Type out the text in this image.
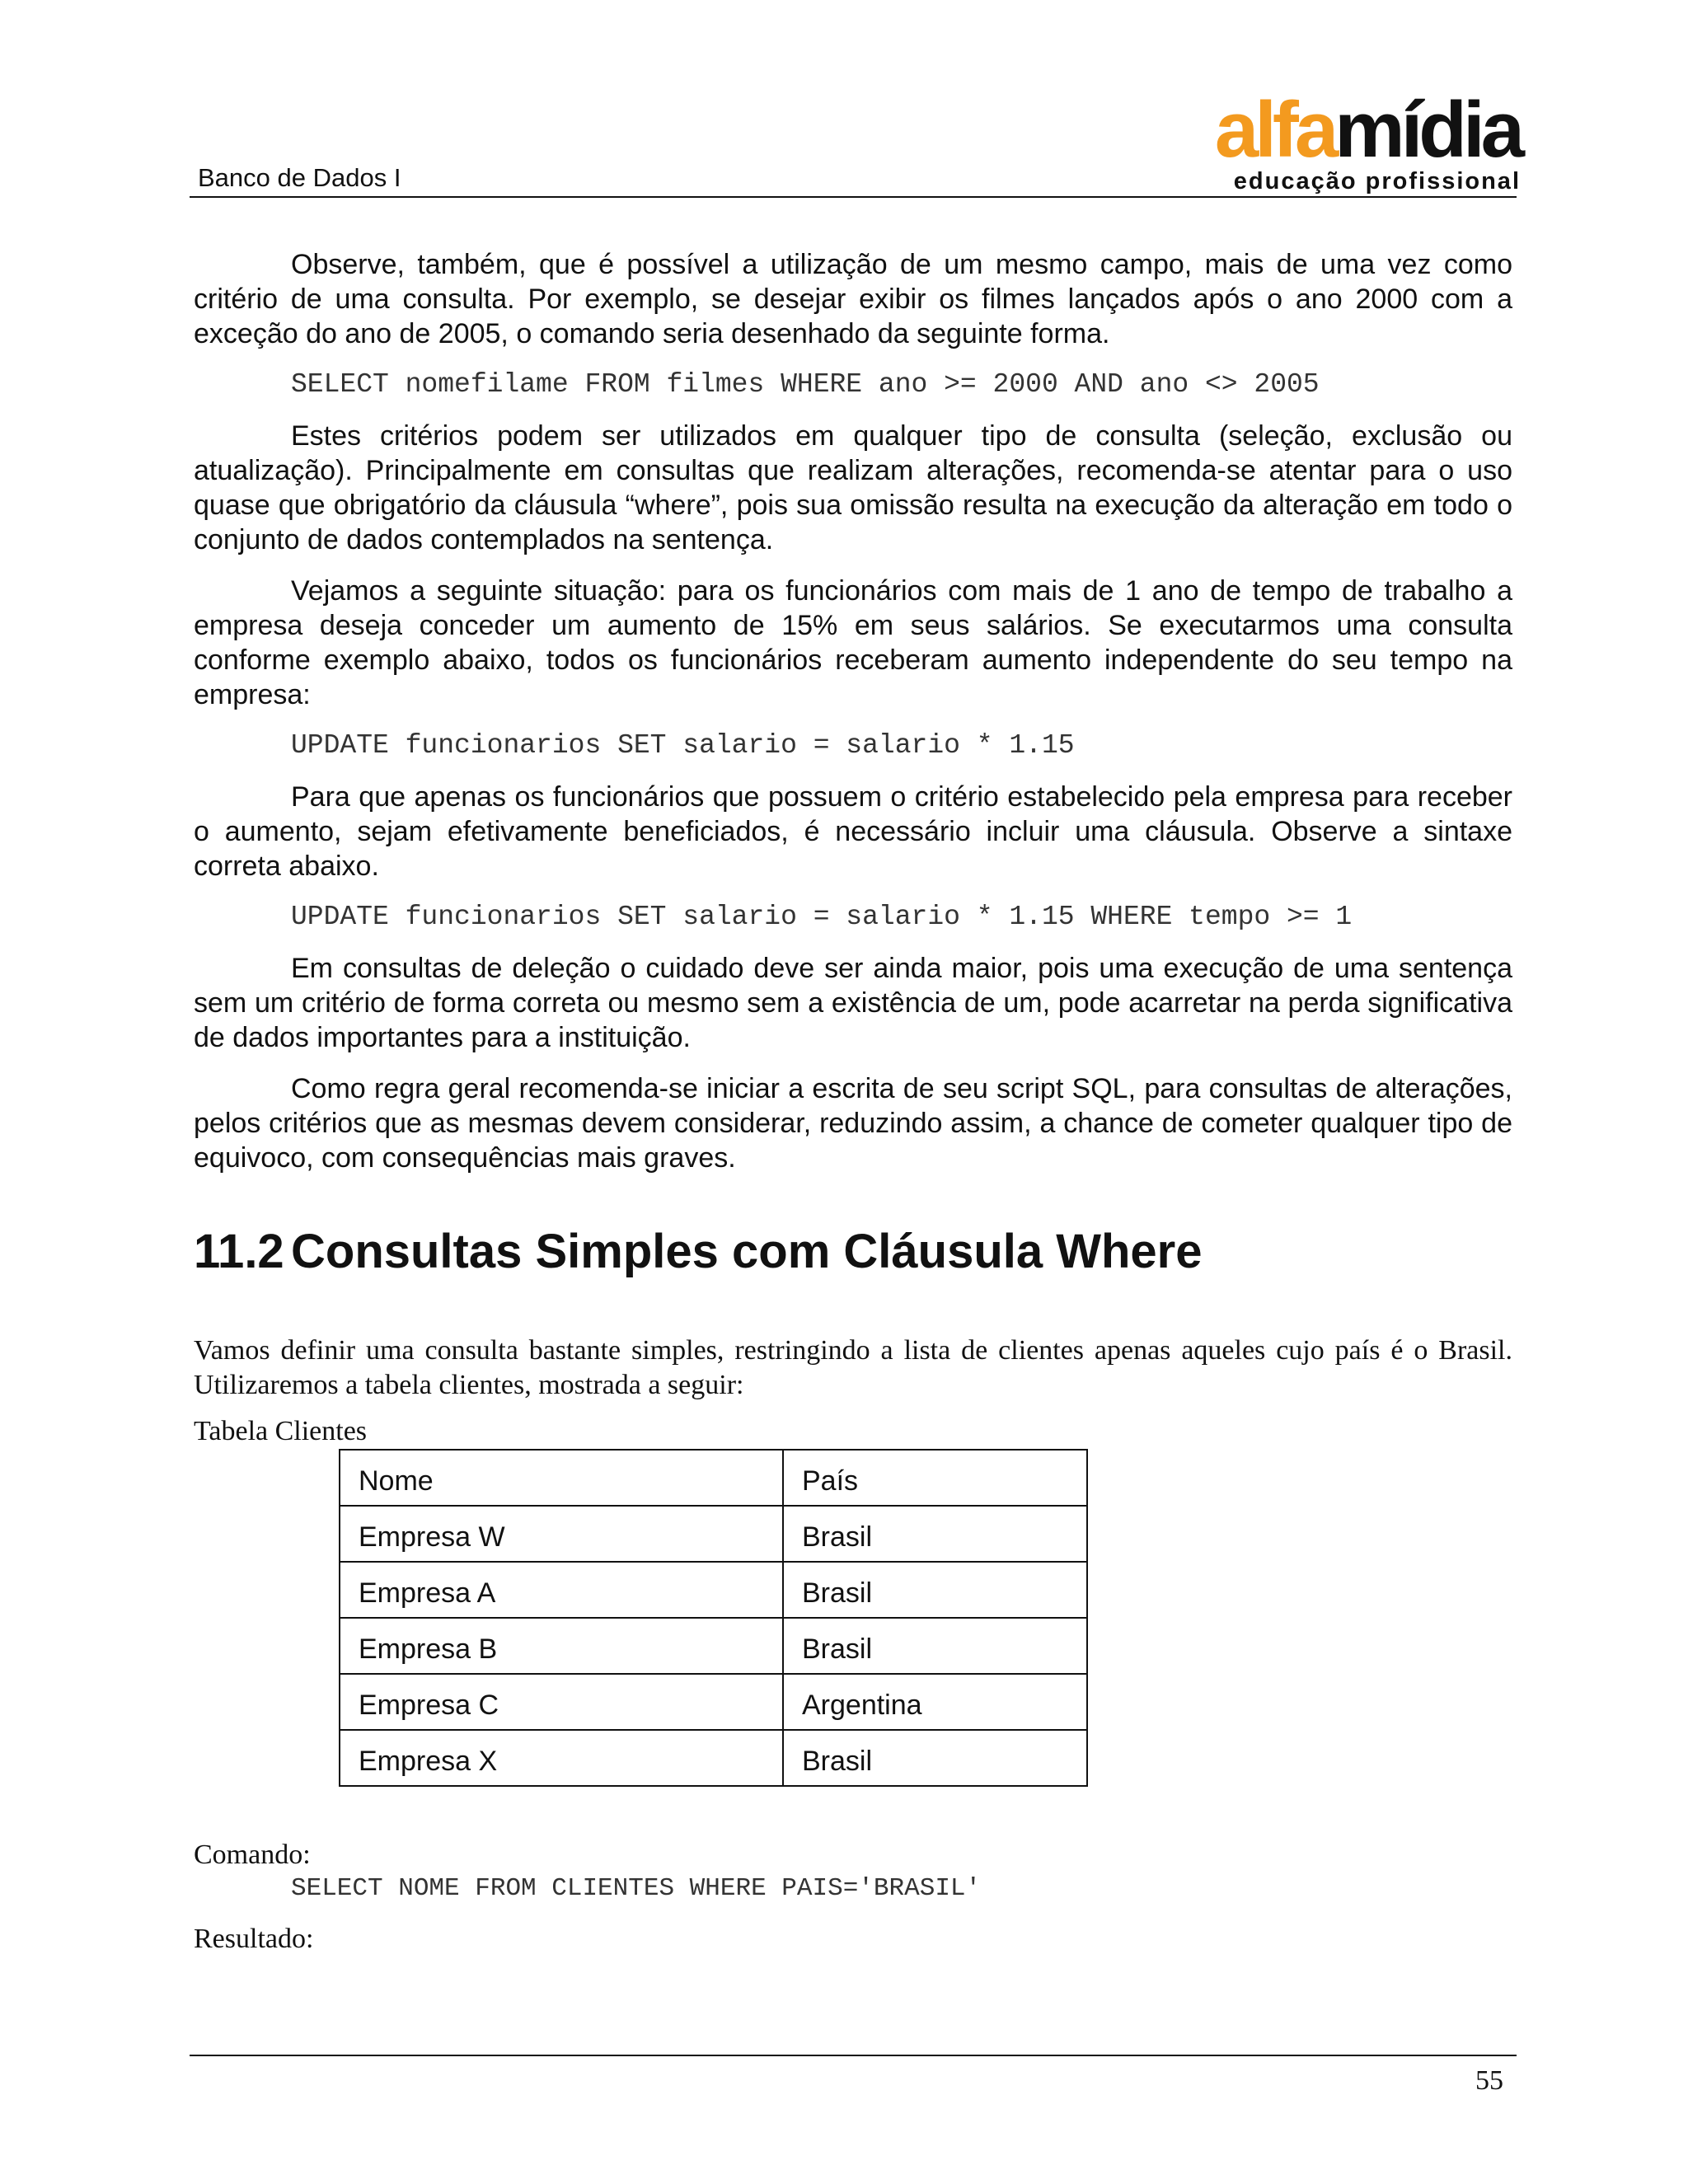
Banco de Dados I
alfamídia
educação profissional

Observe, também, que é possível a utilização de um mesmo campo, mais de uma vez como critério de uma consulta. Por exemplo, se desejar exibir os filmes lançados após o ano 2000 com a exceção do ano de 2005, o comando seria desenhado da seguinte forma.

SELECT nomefilame FROM filmes WHERE ano >= 2000 AND ano <> 2005

Estes critérios podem ser utilizados em qualquer tipo de consulta (seleção, exclusão ou atualização). Principalmente em consultas que realizam alterações, recomenda-se atentar para o uso quase que obrigatório da cláusula “where”, pois sua omissão resulta na execução da alteração em todo o conjunto de dados contemplados na sentença.

Vejamos a seguinte situação: para os funcionários com mais de 1 ano de tempo de trabalho a empresa deseja conceder um aumento de 15% em seus salários. Se executarmos uma consulta conforme exemplo abaixo, todos os funcionários receberam aumento independente do seu tempo na empresa:

UPDATE funcionarios SET salario = salario * 1.15

Para que apenas os funcionários que possuem o critério estabelecido pela empresa para receber o aumento, sejam efetivamente beneficiados, é necessário incluir uma cláusula. Observe a sintaxe correta abaixo.

UPDATE funcionarios SET salario = salario * 1.15 WHERE tempo >= 1

Em consultas de deleção o cuidado deve ser ainda maior, pois uma execução de uma sentença sem um critério de forma correta ou mesmo sem a existência de um, pode acarretar na perda significativa de dados importantes para a instituição.

Como regra geral recomenda-se iniciar a escrita de seu script SQL, para consultas de alterações, pelos critérios que as mesmas devem considerar, reduzindo assim, a chance de cometer qualquer tipo de equivoco, com consequências mais graves.

11.2 Consultas Simples com Cláusula Where

Vamos definir uma consulta bastante simples, restringindo a lista de clientes apenas aqueles cujo país é o Brasil. Utilizaremos a tabela clientes, mostrada a seguir:

Tabela Clientes

Nome	País
Empresa W	Brasil
Empresa A	Brasil
Empresa B	Brasil
Empresa C	Argentina
Empresa X	Brasil

Comando:

SELECT NOME FROM CLIENTES WHERE PAIS='BRASIL'

Resultado:

55
